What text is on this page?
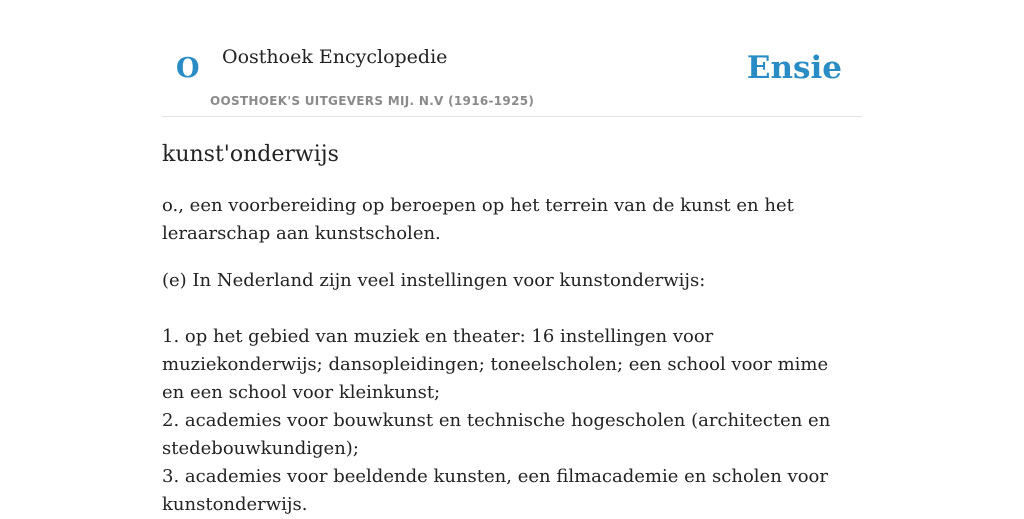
O Oosthoek Encyclopedie
OOSTHOEK'S UITGEVERS MIJ. N.V (1916-1925)
Ensie
kunst'onderwijs

o., een voorbereiding op beroepen op het terrein van de kunst en het leraarschap aan kunstscholen.

(e) In Nederland zijn veel instellingen voor kunstonderwijs:

1. op het gebied van muziek en theater: 16 instellingen voor muziekonderwijs; dansopleidingen; toneelscholen; een school voor mime en een school voor kleinkunst;
2. academies voor bouwkunst en technische hogescholen (architecten en stedebouwkundigen);
3. academies voor beeldende kunsten, een filmacademie en scholen voor kunstonderwijs.
